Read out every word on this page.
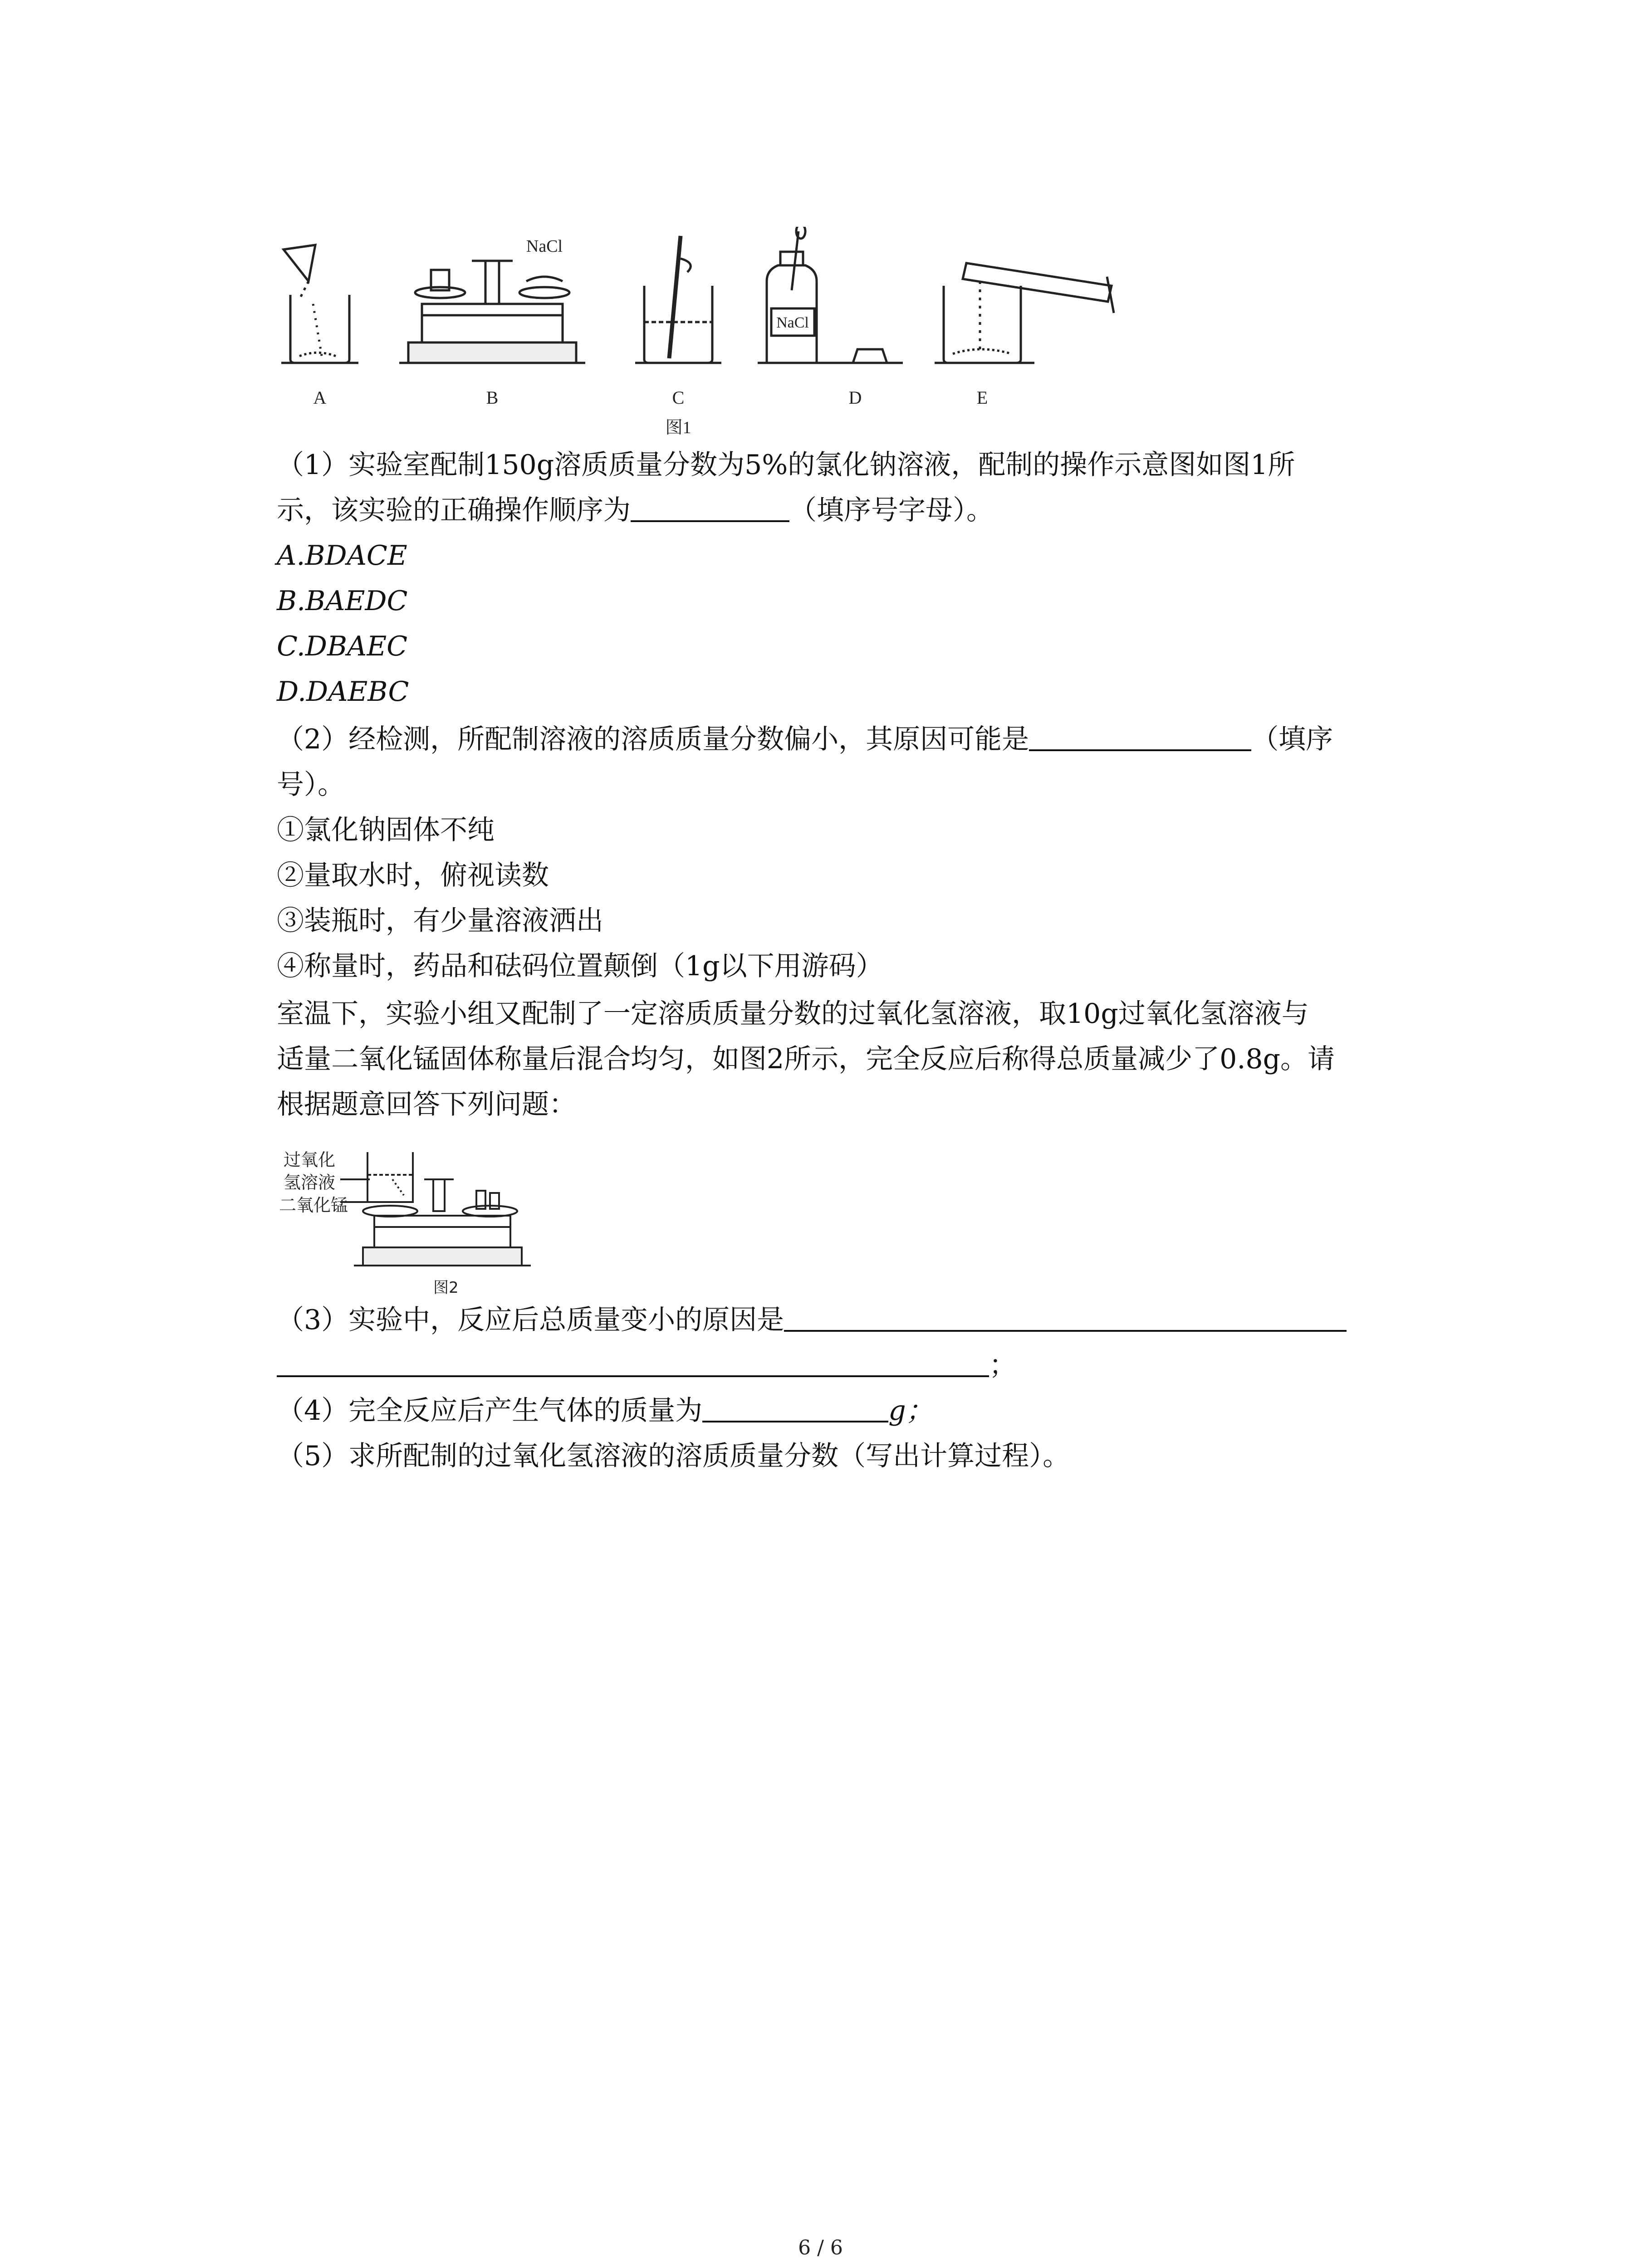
A	B	C	D	E
NaCl
NaCl
图1
（1）实验室配制150g溶质质量分数为5%的氯化钠溶液，配制的操作示意图如图1所
示，该实验的正确操作顺序为	（填序号字母）。
A.BDACE
B.BAEDC
C.DBAEC
D.DAEBC
（2）经检测，所配制溶液的溶质质量分数偏小，其原因可能是	（填序
号）。
①氯化钠固体不纯
②量取水时，俯视读数
③装瓶时，有少量溶液洒出
④称量时，药品和砝码位置颠倒（1g以下用游码）
室温下，实验小组又配制了一定溶质质量分数的过氧化氢溶液，取10g过氧化氢溶液与
适量二氧化锰固体称量后混合均匀，如图2所示，完全反应后称得总质量减少了0.8g。请
根据题意回答下列问题：
过氧化
氢溶液
二氧化锰
图2
（3）实验中，反应后总质量变小的原因是
；
（4）完全反应后产生气体的质量为	g；
（5）求所配制的过氧化氢溶液的溶质质量分数（写出计算过程）。
6 / 6
